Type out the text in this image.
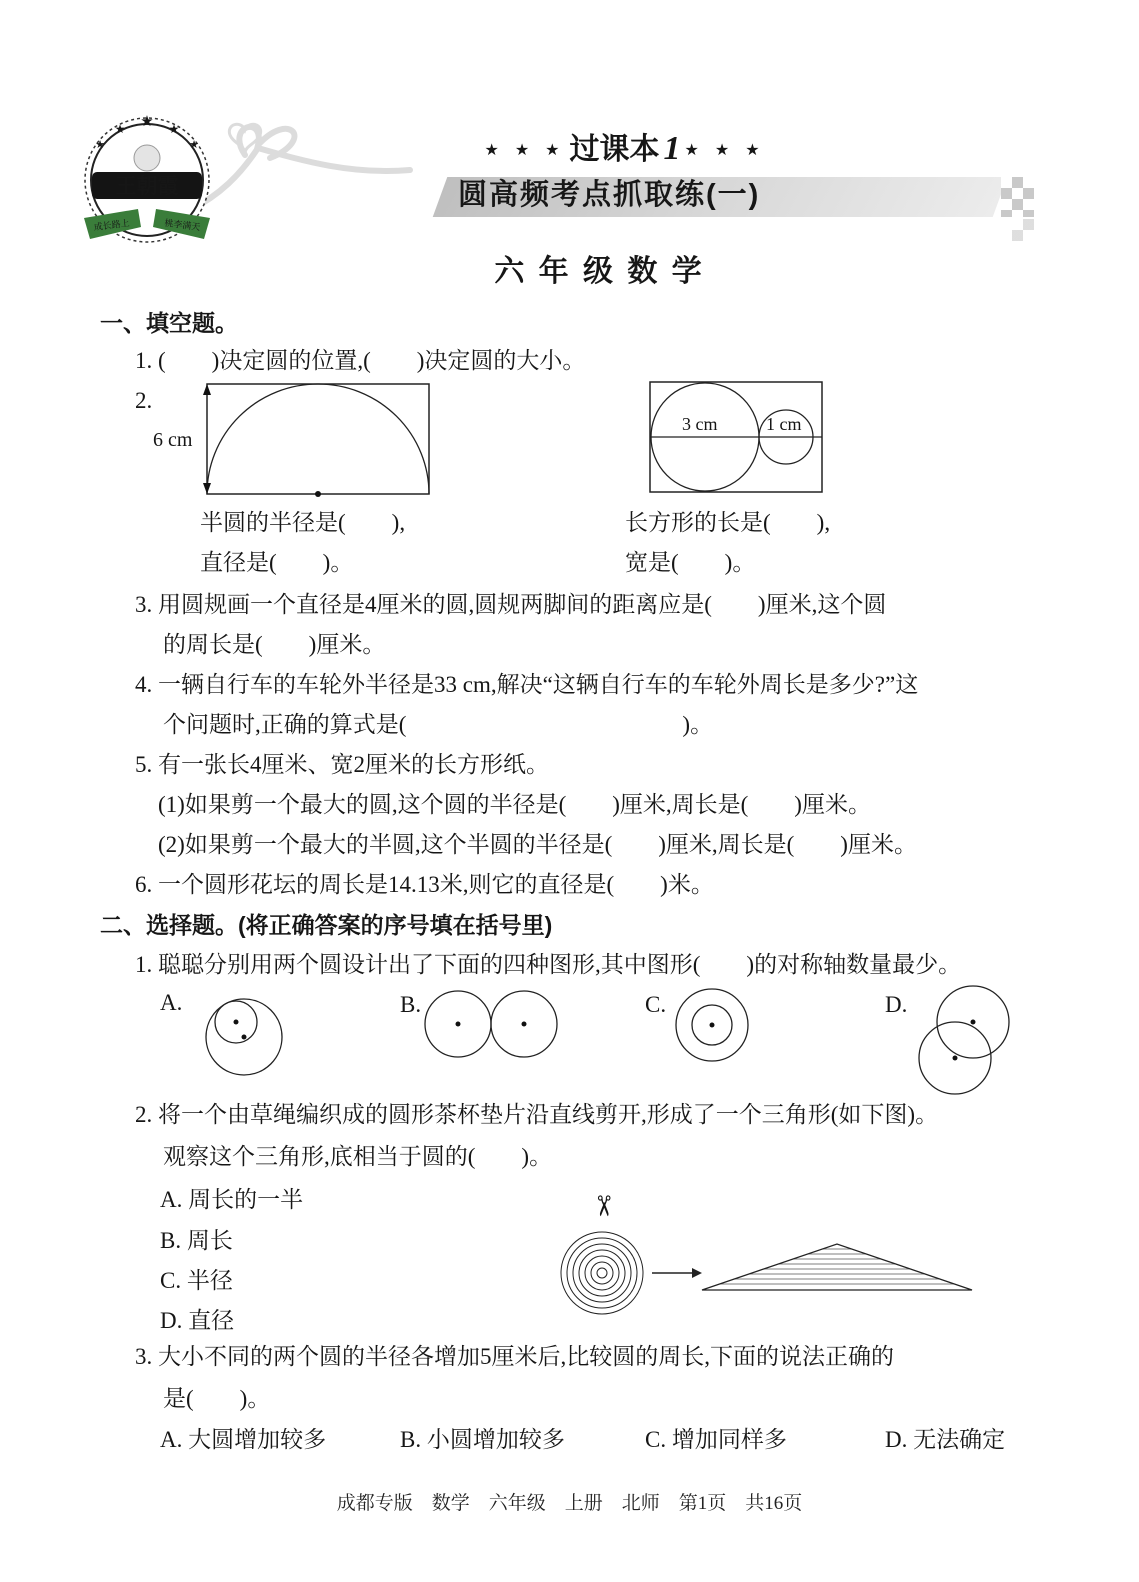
★
★	★
★	★
王朝霞
成长路上	桃李满天
★ ★ ★ 过课本 1 ★ ★ ★
圆高频考点抓取练(一)
六 年 级 数 学
一、填空题。
1. (　　)决定圆的位置,(　　)决定圆的大小。
2.
6 cm
3 cm	1 cm
半圆的半径是(　　),
直径是(　　)。
长方形的长是(　　),
宽是(　　)。
3. 用圆规画一个直径是4厘米的圆,圆规两脚间的距离应是(　　)厘米,这个圆
的周长是(　　)厘米。
4. 一辆自行车的车轮外半径是33 cm,解决“这辆自行车的车轮外周长是多少?”这
个问题时,正确的算式是(　　　　　　　　　　　　)。
5. 有一张长4厘米、宽2厘米的长方形纸。
(1)如果剪一个最大的圆,这个圆的半径是(　　)厘米,周长是(　　)厘米。
(2)如果剪一个最大的半圆,这个半圆的半径是(　　)厘米,周长是(　　)厘米。
6. 一个圆形花坛的周长是14.13米,则它的直径是(　　)米。
二、选择题。(将正确答案的序号填在括号里)
1. 聪聪分别用两个圆设计出了下面的四种图形,其中图形(　　)的对称轴数量最少。
A.	B.	C.	D.
2. 将一个由草绳编织成的圆形茶杯垫片沿直线剪开,形成了一个三角形(如下图)。
观察这个三角形,底相当于圆的(　　)。
A. 周长的一半
B. 周长
C. 半径
D. 直径
✂
3. 大小不同的两个圆的半径各增加5厘米后,比较圆的周长,下面的说法正确的
是(　　)。
A. 大圆增加较多	B. 小圆增加较多	C. 增加同样多	D. 无法确定
成都专版　数学　六年级　上册　北师　第1页　共16页
